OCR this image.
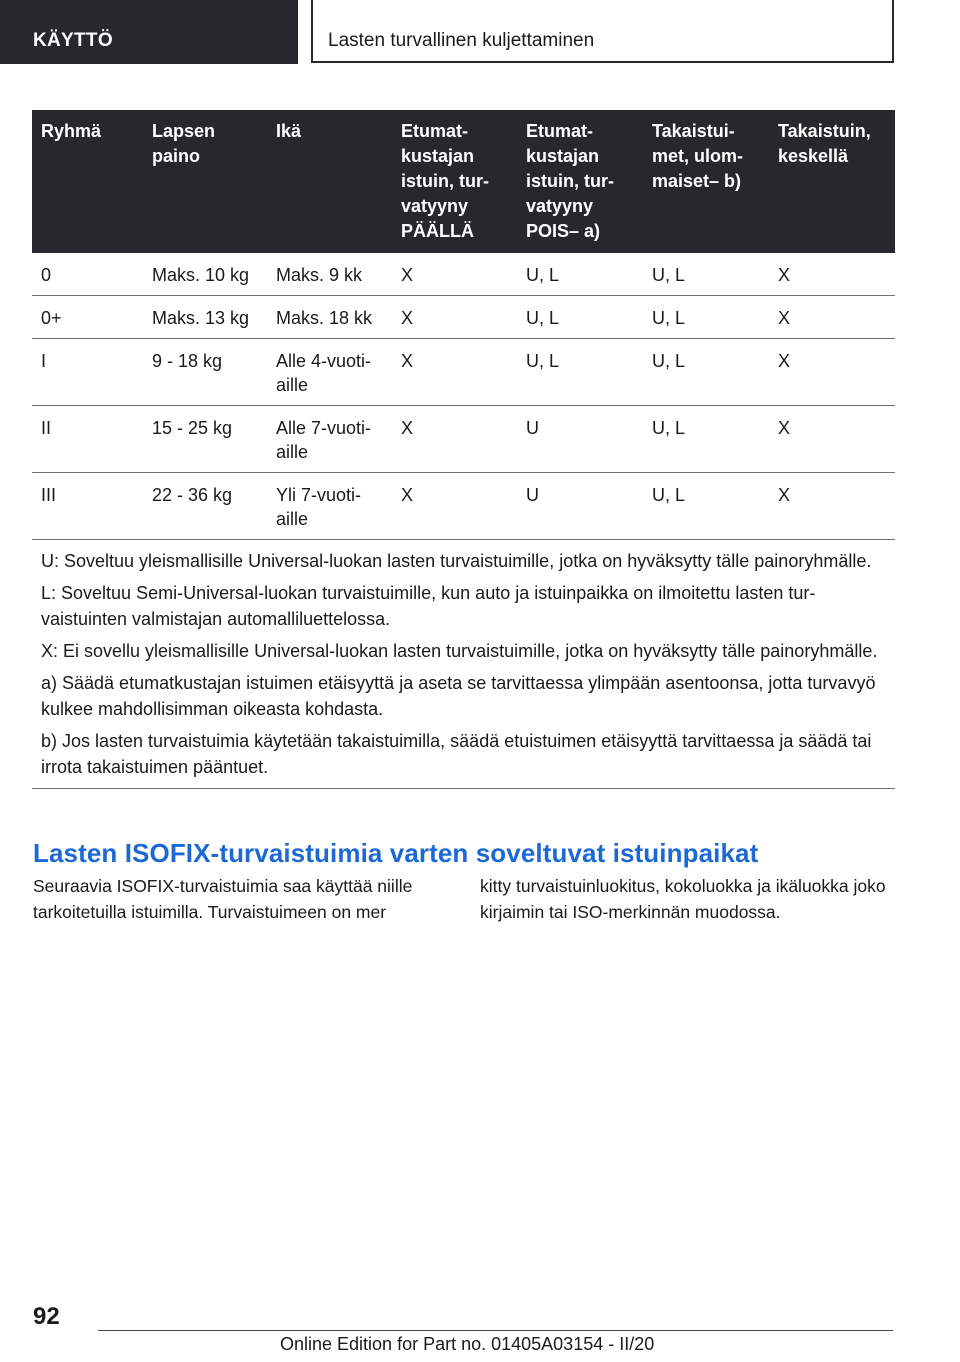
KÄYTTÖ	Lasten turvallinen kuljettaminen
Ryhmä	Lapsen paino	Ikä	Etumatkustajan istuin, turvatyyny PÄÄLLÄ	Etumatkustajan istuin, turvatyyny POIS– a)	Takaistuimet, ulommaiset– b)	Takaistuin, keskellä
0	Maks. 10 kg	Maks. 9 kk	X	U, L	U, L	X
0+	Maks. 13 kg	Maks. 18 kk	X	U, L	U, L	X
I	9 - 18 kg	Alle 4-vuotiaille	X	U, L	U, L	X
II	15 - 25 kg	Alle 7-vuotiaille	X	U	U, L	X
III	22 - 36 kg	Yli 7-vuotiaille	X	U	U, L	X

U: Soveltuu yleismallisille Universal-luokan lasten turvaistuimille, jotka on hyväksytty tälle painoryhmälle.

L: Soveltuu Semi-Universal-luokan turvaistuimille, kun auto ja istuinpaikka on ilmoitettu lasten turvaistuinten valmistajan automalliluettelossa.

X: Ei sovellu yleismallisille Universal-luokan lasten turvaistuimille, jotka on hyväksytty tälle painoryhmälle.

a) Säädä etumatkustajan istuimen etäisyyttä ja aseta se tarvittaessa ylimpään asentoonsa, jotta turvavyö kulkee mahdollisimman oikeasta kohdasta.

b) Jos lasten turvaistuimia käytetään takaistuimilla, säädä etuistuimen etäisyyttä tarvittaessa ja säädä tai irrota takaistuimen pääntuet.						

Lasten ISOFIX-turvaistuimia varten soveltuvat istuinpaikat

Seuraavia ISOFIX-turvaistuimia saa käyttää niille tarkoitetuilla istuimilla. Turvaistuimeen on mer

kitty turvaistuinluokitus, kokoluokka ja ikäluokka joko kirjaimin tai ISO-merkinnän muodossa.

92
Online Edition for Part no. 01405A03154 - II/20
